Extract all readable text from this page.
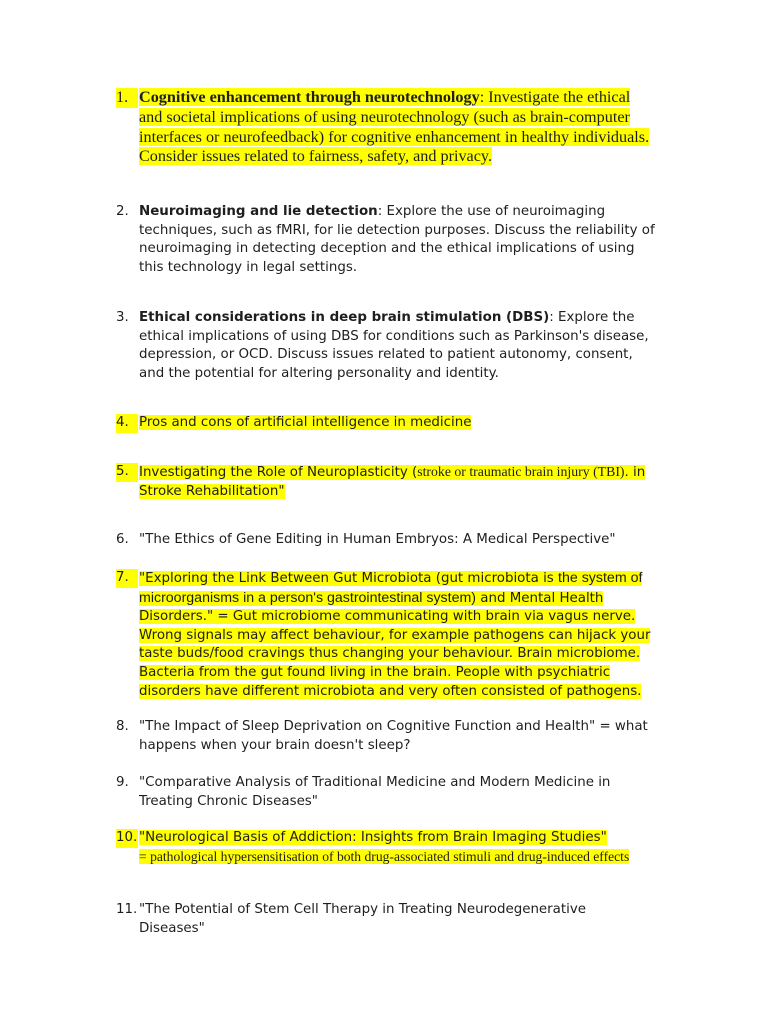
1. Cognitive enhancement through neurotechnology: Investigate the ethical and societal implications of using neurotechnology (such as brain-computer interfaces or neurofeedback) for cognitive enhancement in healthy individuals. Consider issues related to fairness, safety, and privacy.
2. Neuroimaging and lie detection: Explore the use of neuroimaging techniques, such as fMRI, for lie detection purposes. Discuss the reliability of neuroimaging in detecting deception and the ethical implications of using this technology in legal settings.
3. Ethical considerations in deep brain stimulation (DBS): Explore the ethical implications of using DBS for conditions such as Parkinson's disease, depression, or OCD. Discuss issues related to patient autonomy, consent, and the potential for altering personality and identity.
4. Pros and cons of artificial intelligence in medicine
5. Investigating the Role of Neuroplasticity (stroke or traumatic brain injury (TBI). in Stroke Rehabilitation"
6. "The Ethics of Gene Editing in Human Embryos: A Medical Perspective"
7. "Exploring the Link Between Gut Microbiota (gut microbiota is the system of microorganisms in a person's gastrointestinal system) and Mental Health Disorders." = Gut microbiome communicating with brain via vagus nerve. Wrong signals may affect behaviour, for example pathogens can hijack your taste buds/food cravings thus changing your behaviour. Brain microbiome. Bacteria from the gut found living in the brain. People with psychiatric disorders have different microbiota and very often consisted of pathogens.
8. "The Impact of Sleep Deprivation on Cognitive Function and Health" = what happens when your brain doesn't sleep?
9. "Comparative Analysis of Traditional Medicine and Modern Medicine in Treating Chronic Diseases"
10. "Neurological Basis of Addiction: Insights from Brain Imaging Studies"
= pathological hypersensitisation of both drug-associated stimuli and drug-induced effects
11. "The Potential of Stem Cell Therapy in Treating Neurodegenerative Diseases"
